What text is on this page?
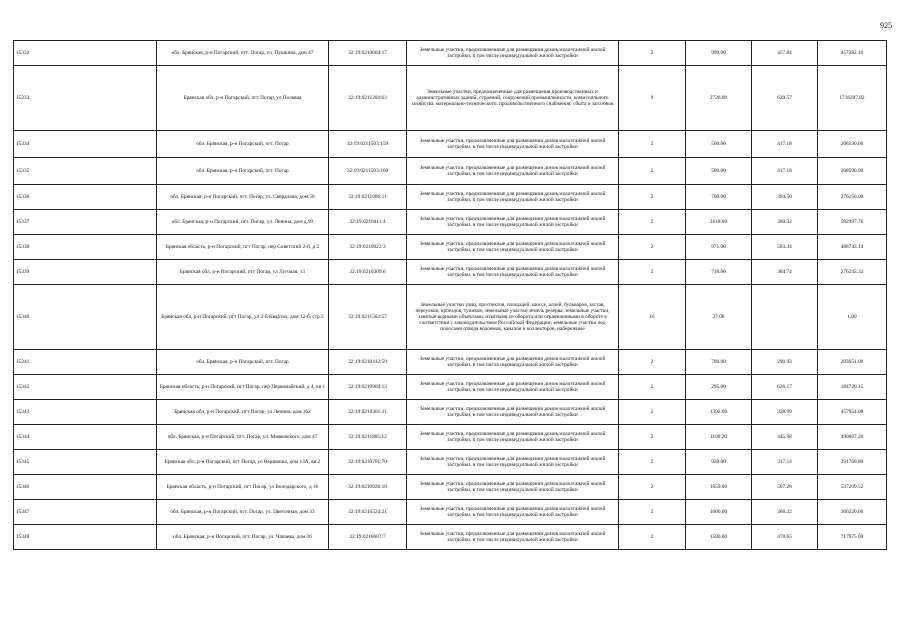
925
15332	обл. Брянская, р-н Погарский, пгт. Погар, ул. Пушкина, дом 47	32:19:0210604:17	Земельные участки, предназначенные для размещения домов малоэтажной жилой застройки, в том числе индивидуальной жилой застройки	2	999.00	457.84	457382.16
15333	Брянская обл, р-н Погарский, пгт Погар, ул Полевая	32:19:0211204:63	Земельные участки, предназначенные для размещения производственных и административных зданий, строений, сооружений промышленности, коммунального хозяйства, материально-технического, продовольственного снабжения, сбыта и заготовок	9	2726.00	629.57	1716207.82
15334	обл. Брянская, р-н Погарский, пгт. Погар	32:19:0211503:159	Земельные участки, предназначенные для размещения домов малоэтажной жилой застройки, в том числе индивидуальной жилой застройки	2	500.00	417.18	208590.00
15335	обл. Брянская, р-н Погарский, пгт. Погар	32:19:0211503:160	Земельные участки, предназначенные для размещения домов малоэтажной жилой застройки, в том числе индивидуальной жилой застройки	2	500.00	417.18	208590.00
15336	обл. Брянская, р-н Погарский, пгт. Погар, ул. Свердлова, дом 58	32:19:0211006:11	Земельные участки, предназначенные для размещения домов малоэтажной жилой застройки, в том числе индивидуальной жилой застройки	2	700.00	394.50	276150.00
15337	обл. Брянская, р-н Погарский, пгт. Погар, ул. Ленина, дом д.99	32:19:0210411:4	Земельные участки, предназначенные для размещения домов малоэтажной жилой застройки, в том числе индивидуальной жилой застройки	2	1618.00	360.32	582997.76
15338	Брянская область, р-н Погарский, пгт Погар, пер Советский 2-й, д 2	32:19:0210922:3	Земельные участки, предназначенные для размещения домов малоэтажной жилой застройки, в том числе индивидуальной жилой застройки	2	971.00	503.34	488743.14
15339	Брянская обл, р-н Погарский, пгт Погар, ул Луговая, 13	32:19:0210309:6	Земельные участки, предназначенные для размещения домов малоэтажной жилой застройки, в том числе индивидуальной жилой застройки	2	718.00	384.74	276243.32
15340	Брянская обл, р-н Погарский, пгт Погар, ул 2-й Квартал, дом 12-б, стр 2	32:19:0211502:57	Земельные участки улиц, проспектов, площадей, шоссе, аллей, бульваров, застав, переулков, проездов, тупиков; земельные участки земель резерва; земельные участки, занятые водными объектами, изъятыми из оборота или ограниченными в обороте в соответствии с законодательством Российской Федерации; земельные участки под полосами отвода водоемов, каналов и коллекторов, набережные	16	27.00		1.00
15341	обл. Брянская, р-н Погарский, пгт. Погар	32:19:0210412:59	Земельные участки, предназначенные для размещения домов малоэтажной жилой застройки, в том числе индивидуальной жилой застройки	2	700.00	290.93	203651.00
15342	Брянская область, р-н Погарский, пгт Погар, пер Первомайский, д 4, кв 1	32:19:0210904:13	Земельные участки, предназначенные для размещения домов малоэтажной жилой застройки, в том числе индивидуальной жилой застройки	2	295.00	626.17	184720.15
15343	Брянская обл, р-н Погарский, пгт Погар, ул Ленина, дом 162	32:19:0210301:11	Земельные участки, предназначенные для размещения домов малоэтажной жилой застройки, в том числе индивидуальной жилой застройки	2	1392.00	328.99	457954.08
15344	обл. Брянская, р-н Погарский, пгт. Погар, ул. Маяковского, дом 47	32:19:0211805:12	Земельные участки, предназначенные для размещения домов малоэтажной жилой застройки, в том числе индивидуальной жилой застройки	2	1100.20	445.98	490667.20
15345	Брянская обл, р-н Погарский, пгт Погар, ул Вершеина, дом 13А, кв 2	32:19:0210701:70	Земельные участки, предназначенные для размещения домов малоэтажной жилой застройки, в том числе индивидуальной жилой застройки	2	920.00	317.14	291768.80
15346	Брянская область, р-н Погарский, пгт Погар, ул Володарского, д 16	32:19:0210926:18	Земельные участки, предназначенные для размещения домов малоэтажной жилой застройки, в том числе индивидуальной жилой застройки	2	1059.00	507.28	537209.52
15347	обл. Брянская, р-н Погарский, пгт. Погар, ул. Цветочная, дом 33	32:19:0210524:21	Земельные участки, предназначенные для размещения домов малоэтажной жилой застройки, в том числе индивидуальной жилой застройки	2	1000.00	366.22	366220.00
15348	обл. Брянская, р-н Погарский, пгт. Погар, ул. Чапаева, дом 36	32:19:0210607:7	Земельные участки, предназначенные для размещения домов малоэтажной жилой застройки, в том числе индивидуальной жилой застройки	2	1500.00	478.65	717975.00
